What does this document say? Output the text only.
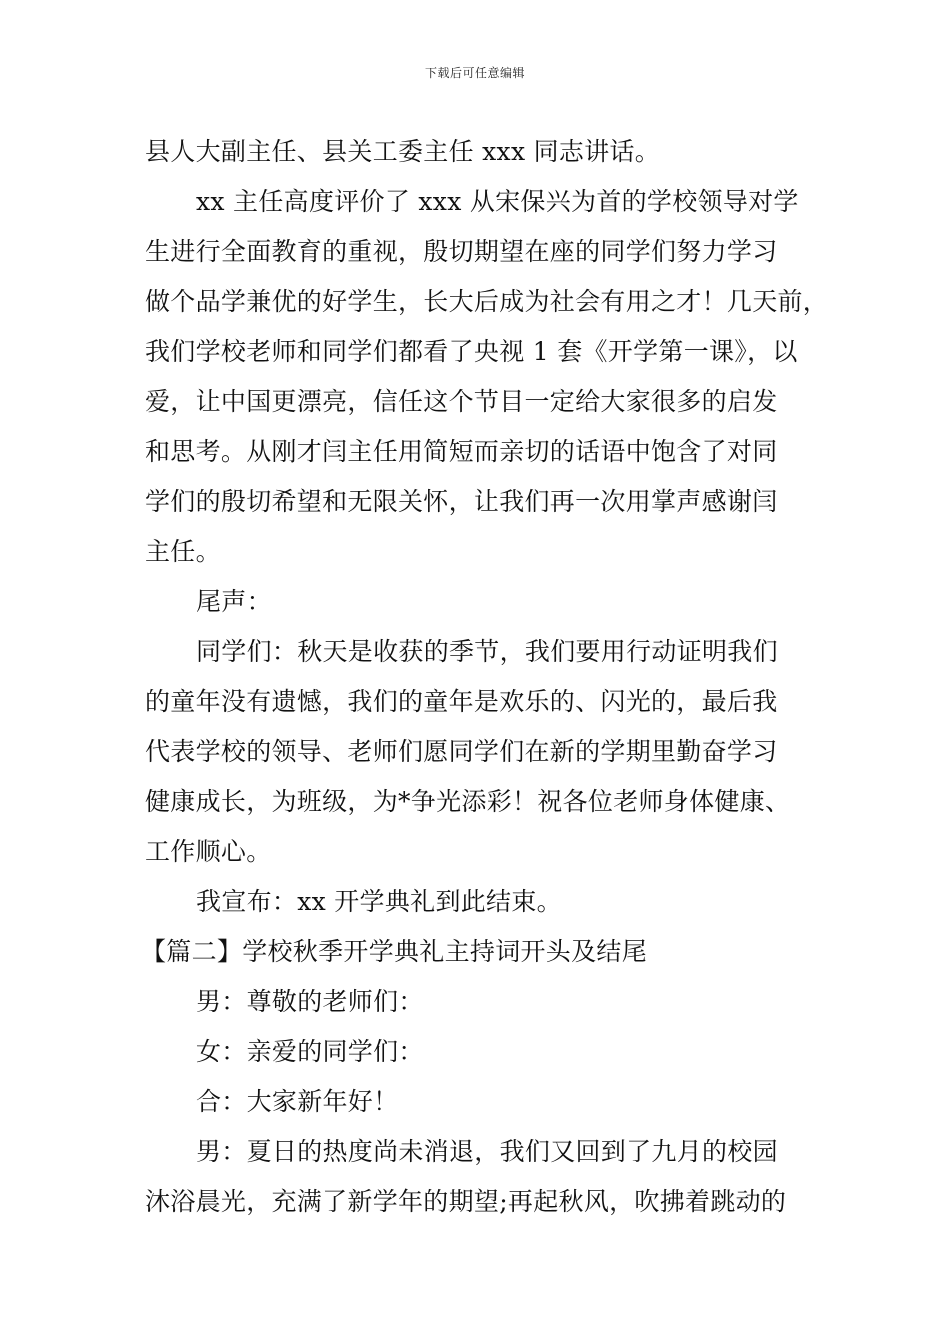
下载后可任意编辑
县人大副主任、县关工委主任 xxx 同志讲话。
xx 主任高度评价了 xxx 从宋保兴为首的学校领导对学
生进行全面教育的重视，殷切期望在座的同学们努力学习
做个品学兼优的好学生，长大后成为社会有用之才！几天前，
我们学校老师和同学们都看了央视 1 套《开学第一课》，以
爱，让中国更漂亮，信任这个节目一定给大家很多的启发
和思考。从刚才闫主任用简短而亲切的话语中饱含了对同
学们的殷切希望和无限关怀，让我们再一次用掌声感谢闫
主任。
尾声：
同学们：秋天是收获的季节，我们要用行动证明我们
的童年没有遗憾，我们的童年是欢乐的、闪光的，最后我
代表学校的领导、老师们愿同学们在新的学期里勤奋学习
健康成长，为班级，为*争光添彩！祝各位老师身体健康、
工作顺心。
我宣布：xx 开学典礼到此结束。
【篇二】学校秋季开学典礼主持词开头及结尾
男：尊敬的老师们：
女：亲爱的同学们：
合：大家新年好！
男：夏日的热度尚未消退，我们又回到了九月的校园
沐浴晨光，充满了新学年的期望;再起秋风，吹拂着跳动的
